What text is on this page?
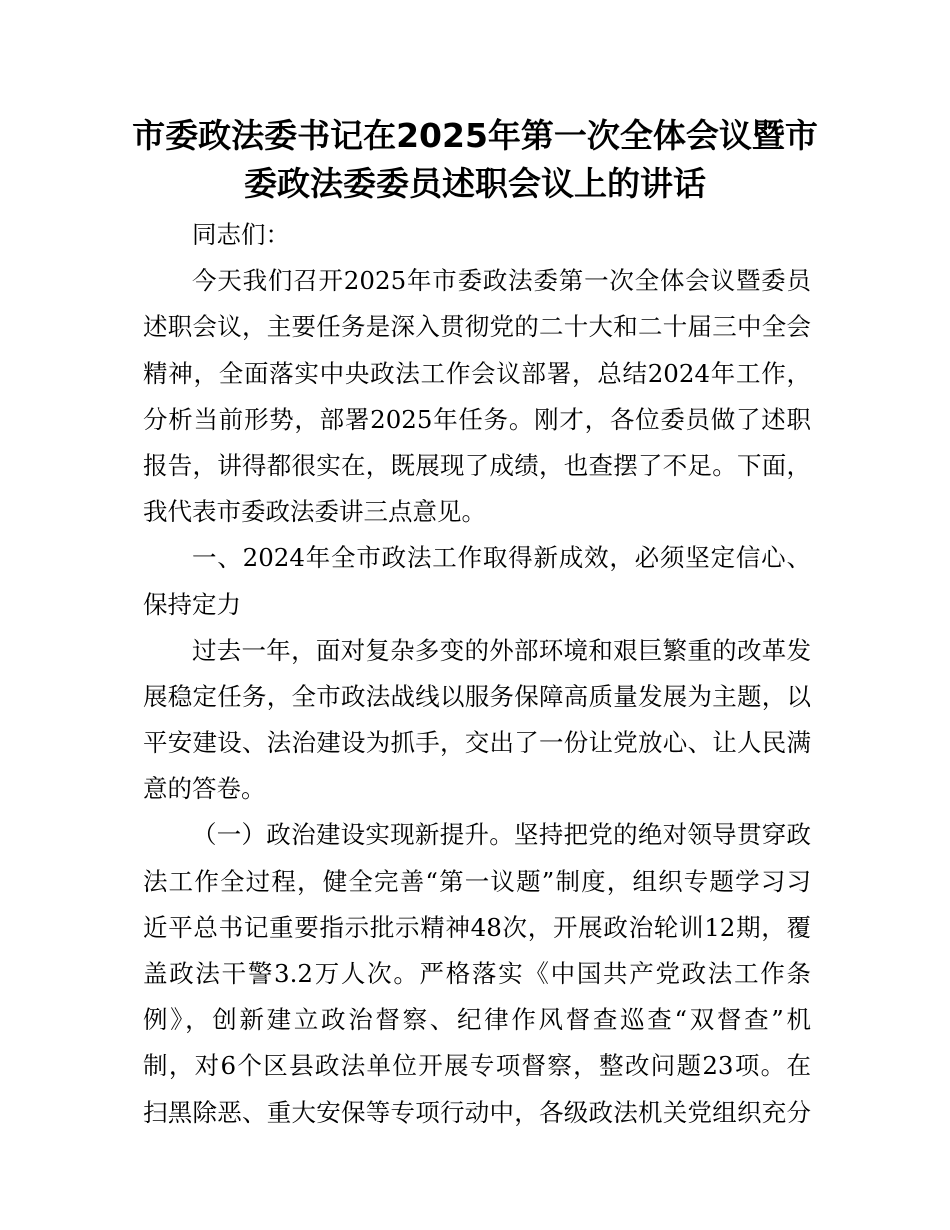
市委政法委书记在2025年第一次全体会议暨市
委政法委委员述职会议上的讲话
同志们：
今天我们召开2025年市委政法委第一次全体会议暨委员
述职会议，主要任务是深入贯彻党的二十大和二十届三中全会
精神，全面落实中央政法工作会议部署，总结2024年工作，
分析当前形势，部署2025年任务。刚才，各位委员做了述职
报告，讲得都很实在，既展现了成绩，也查摆了不足。下面，
我代表市委政法委讲三点意见。
一、2024年全市政法工作取得新成效，必须坚定信心、
保持定力
过去一年，面对复杂多变的外部环境和艰巨繁重的改革发
展稳定任务，全市政法战线以服务保障高质量发展为主题，以
平安建设、法治建设为抓手，交出了一份让党放心、让人民满
意的答卷。
（一）政治建设实现新提升。坚持把党的绝对领导贯穿政
法工作全过程，健全完善“第一议题”制度，组织专题学习习
近平总书记重要指示批示精神48次，开展政治轮训12期，覆
盖政法干警3.2万人次。严格落实《中国共产党政法工作条
例》，创新建立政治督察、纪律作风督查巡查“双督查”机
制，对6个区县政法单位开展专项督察，整改问题23项。在
扫黑除恶、重大安保等专项行动中，各级政法机关党组织充分
